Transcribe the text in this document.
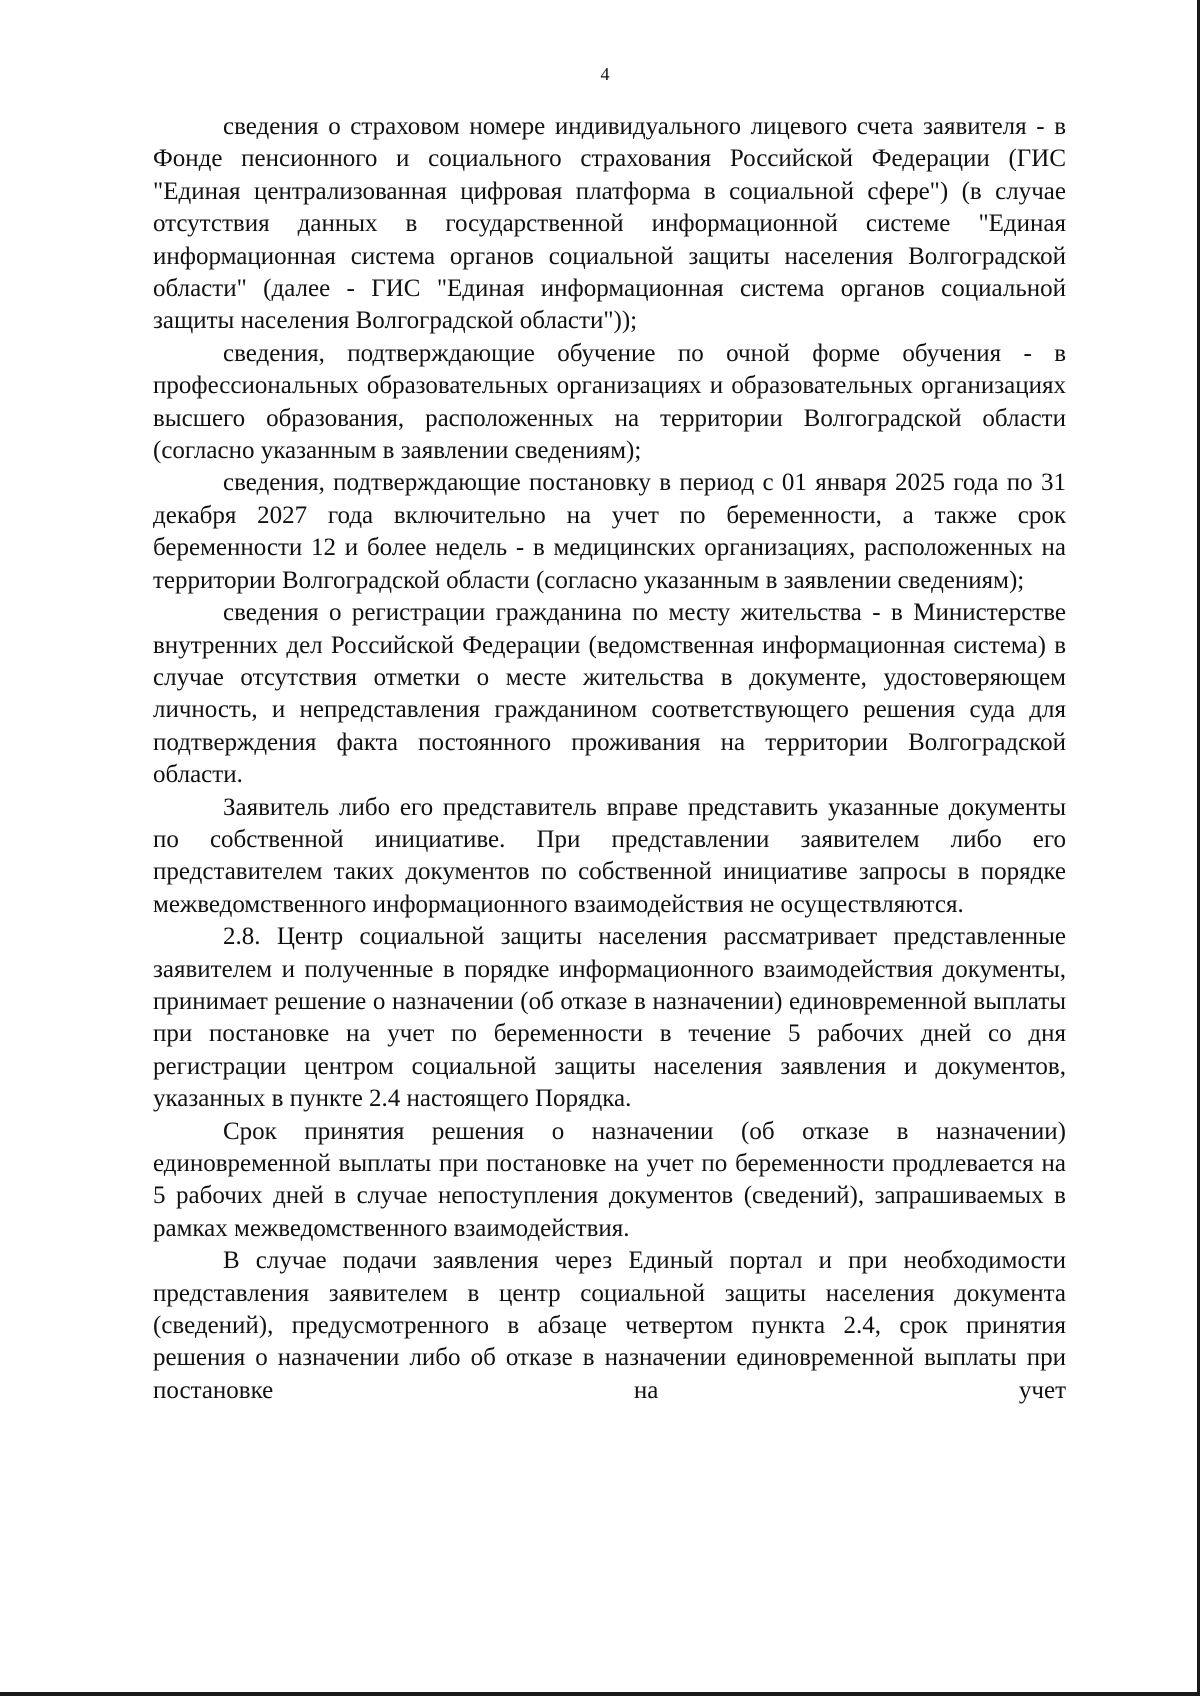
4

сведения о страховом номере индивидуального лицевого счета заявителя - в Фонде пенсионного и социального страхования Российской Федерации (ГИС "Единая централизованная цифровая платформа в социальной сфере") (в случае отсутствия данных в государственной информационной системе "Единая информационная система органов социальной защиты населения Волгоградской области" (далее - ГИС "Единая информационная система органов социальной защиты населения Волгоградской области"));

сведения, подтверждающие обучение по очной форме обучения - в профессиональных образовательных организациях и образовательных организациях высшего образования, расположенных на территории Волгоградской области (согласно указанным в заявлении сведениям);

сведения, подтверждающие постановку в период с 01 января 2025 года по 31 декабря 2027 года включительно на учет по беременности, а также срок беременности 12 и более недель - в медицинских организациях, расположенных на территории Волгоградской области (согласно указанным в заявлении сведениям);

сведения о регистрации гражданина по месту жительства - в Министерстве внутренних дел Российской Федерации (ведомственная информационная система) в случае отсутствия отметки о месте жительства в документе, удостоверяющем личность, и непредставления гражданином соответствующего решения суда для подтверждения факта постоянного проживания на территории Волгоградской области.

Заявитель либо его представитель вправе представить указанные документы по собственной инициативе. При представлении заявителем либо его представителем таких документов по собственной инициативе запросы в порядке межведомственного информационного взаимодействия не осуществляются.

2.8. Центр социальной защиты населения рассматривает представленные заявителем и полученные в порядке информационного взаимодействия документы, принимает решение о назначении (об отказе в назначении) единовременной выплаты при постановке на учет по беременности в течение 5 рабочих дней со дня регистрации центром социальной защиты населения заявления и документов, указанных в пункте 2.4 настоящего Порядка.

Срок принятия решения о назначении (об отказе в назначении) единовременной выплаты при постановке на учет по беременности продлевается на 5 рабочих дней в случае непоступления документов (сведений), запрашиваемых в рамках межведомственного взаимодействия.

В случае подачи заявления через Единый портал и при необходимости представления заявителем в центр социальной защиты населения документа (сведений), предусмотренного в абзаце четвертом пункта 2.4, срок принятия решения о назначении либо об отказе в назначении единовременной выплаты при постановке на учет
